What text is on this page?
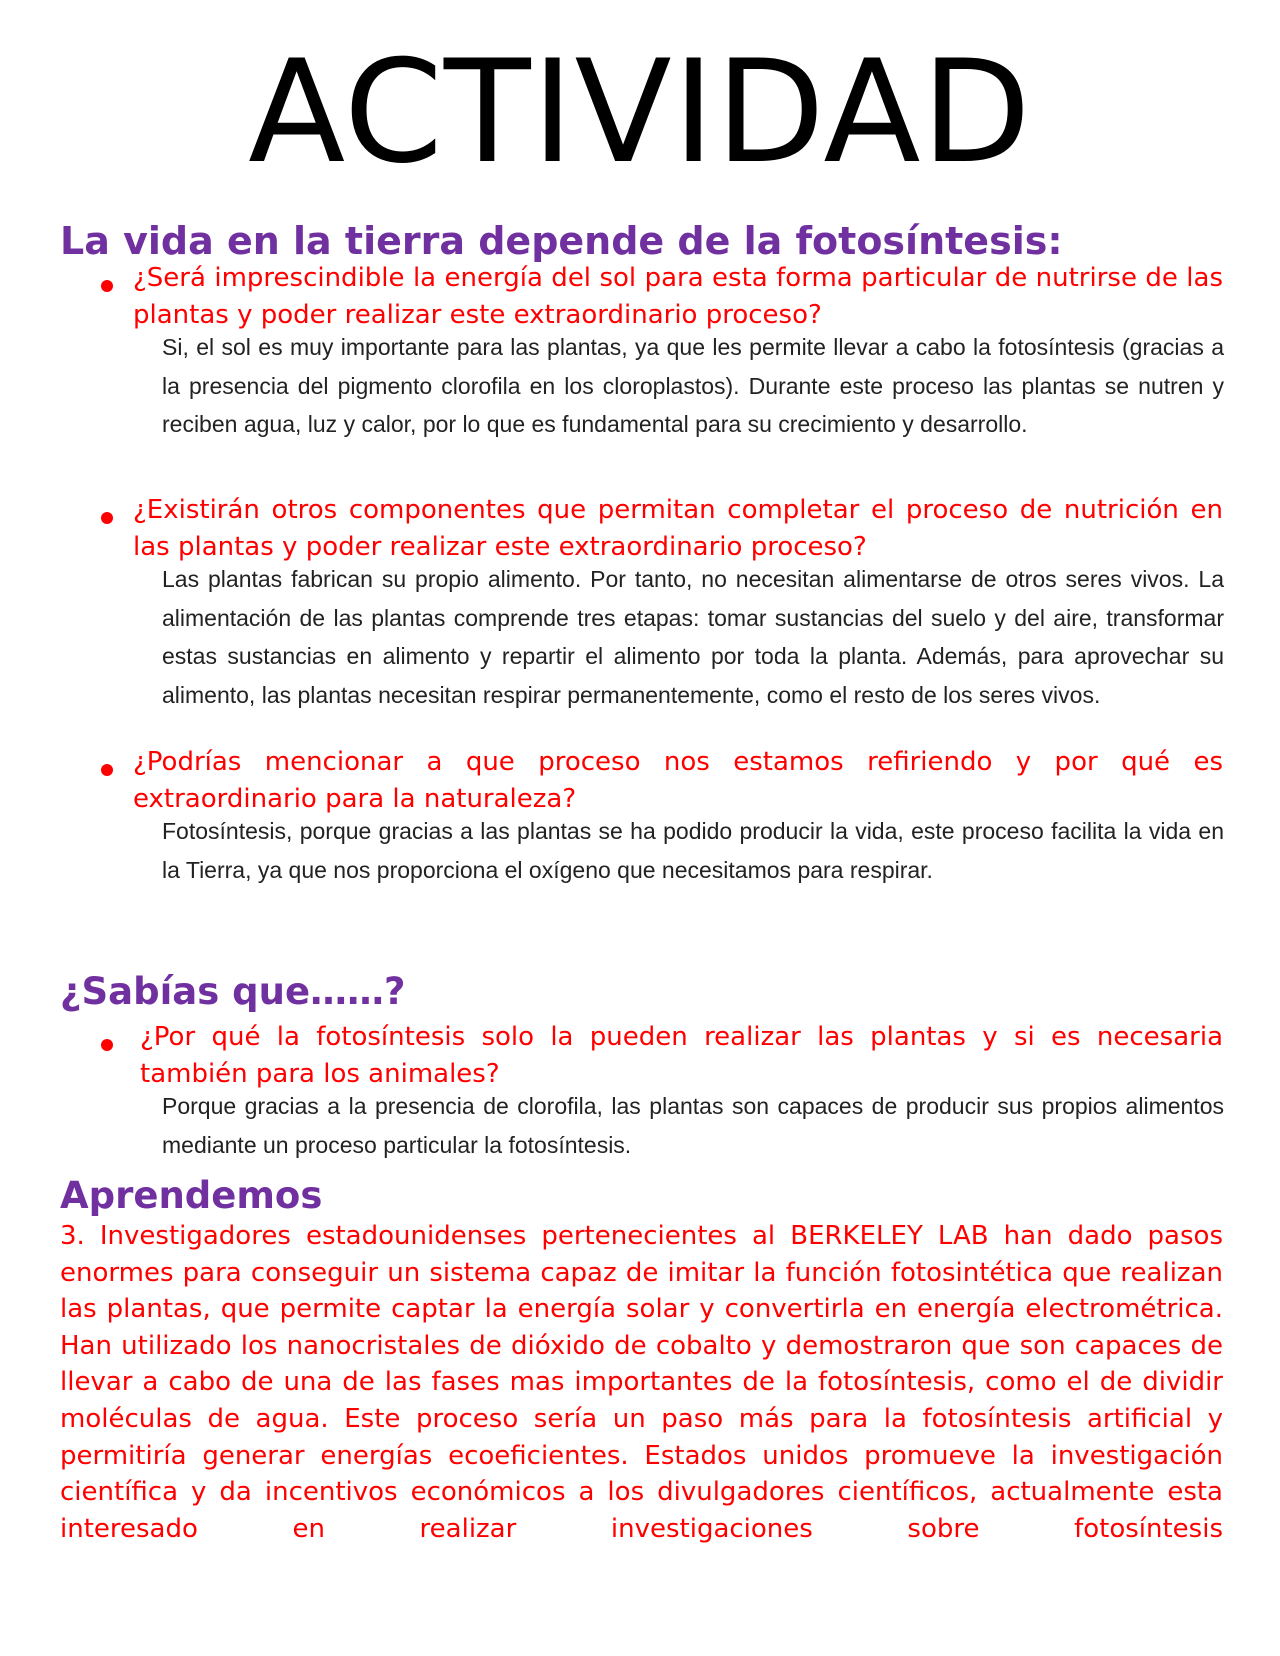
ACTIVIDAD
La vida en la tierra depende de la fotosíntesis:

¿Será imprescindible la energía del sol para esta forma particular de nutrirse de las plantas y poder realizar este extraordinario proceso?

Si, el sol es muy importante para las plantas, ya que les permite llevar a cabo la fotosíntesis (gracias a la presencia del pigmento clorofila en los cloroplastos). Durante este proceso las plantas se nutren y reciben agua, luz y calor, por lo que es fundamental para su crecimiento y desarrollo.

¿Existirán otros componentes que permitan completar el proceso de nutrición en las plantas y poder realizar este extraordinario proceso?

Las plantas fabrican su propio alimento. Por tanto, no necesitan alimentarse de otros seres vivos. La alimentación de las plantas comprende tres etapas: tomar sustancias del suelo y del aire, transformar estas sustancias en alimento y repartir el alimento por toda la planta. Además, para aprovechar su alimento, las plantas necesitan respirar permanentemente, como el resto de los seres vivos.

¿Podrías mencionar a que proceso nos estamos refiriendo y por qué es extraordinario para la naturaleza?

Fotosíntesis, porque gracias a las plantas se ha podido producir la vida, este proceso facilita la vida en la Tierra, ya que nos proporciona el oxígeno que necesitamos para respirar.

¿Sabías que……?

¿Por qué la fotosíntesis solo la pueden realizar las plantas y si es necesaria también para los animales?

Porque gracias a la presencia de clorofila, las plantas son capaces de producir sus propios alimentos mediante un proceso particular la fotosíntesis.

Aprendemos

3. Investigadores estadounidenses pertenecientes al BERKELEY LAB han dado pasos enormes para conseguir un sistema capaz de imitar la función fotosintética que realizan las plantas, que permite captar la energía solar y convertirla en energía electrométrica. Han utilizado los nanocristales de dióxido de cobalto y demostraron que son capaces de llevar a cabo de una de las fases mas importantes de la fotosíntesis, como el de dividir moléculas de agua. Este proceso sería un paso más para la fotosíntesis artificial y permitiría generar energías ecoeficientes. Estados unidos promueve la investigación científica y da incentivos económicos a los divulgadores científicos, actualmente esta interesado en realizar investigaciones sobre fotosíntesis
